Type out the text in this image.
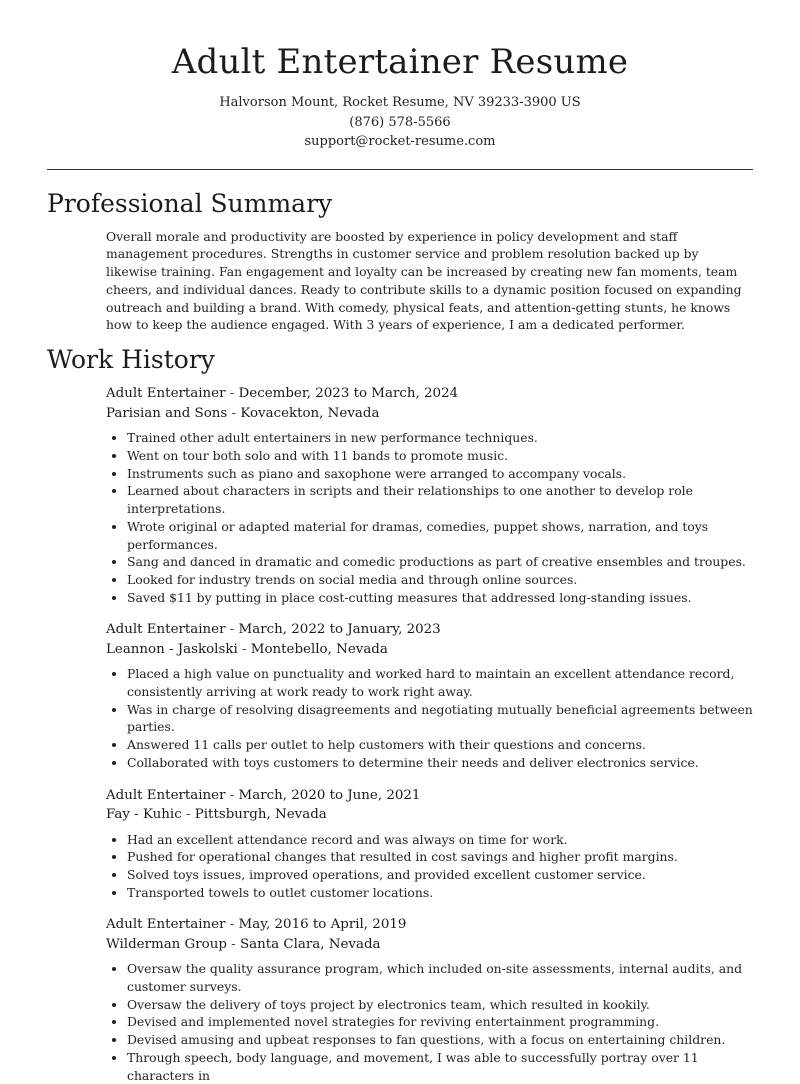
Adult Entertainer Resume
Halvorson Mount, Rocket Resume, NV 39233-3900 US
(876) 578-5566
support@rocket-resume.com
Professional Summary

Overall morale and productivity are boosted by experience in policy development and staff management procedures. Strengths in customer service and problem resolution backed up by likewise training. Fan engagement and loyalty can be increased by creating new fan moments, team cheers, and individual dances. Ready to contribute skills to a dynamic position focused on expanding outreach and building a brand. With comedy, physical feats, and attention-getting stunts, he knows how to keep the audience engaged. With 3 years of experience, I am a dedicated performer.

Work History
Adult Entertainer - December, 2023 to March, 2024
Parisian and Sons - Kovacekton, Nevada
• Trained other adult entertainers in new performance techniques.
• Went on tour both solo and with 11 bands to promote music.
• Instruments such as piano and saxophone were arranged to accompany vocals.
• Learned about characters in scripts and their relationships to one another to develop role interpretations.
• Wrote original or adapted material for dramas, comedies, puppet shows, narration, and toys performances.
• Sang and danced in dramatic and comedic productions as part of creative ensembles and troupes.
• Looked for industry trends on social media and through online sources.
• Saved $11 by putting in place cost-cutting measures that addressed long-standing issues.
Adult Entertainer - March, 2022 to January, 2023
Leannon - Jaskolski - Montebello, Nevada
• Placed a high value on punctuality and worked hard to maintain an excellent attendance record, consistently arriving at work ready to work right away.
• Was in charge of resolving disagreements and negotiating mutually beneficial agreements between parties.
• Answered 11 calls per outlet to help customers with their questions and concerns.
• Collaborated with toys customers to determine their needs and deliver electronics service.
Adult Entertainer - March, 2020 to June, 2021
Fay - Kuhic - Pittsburgh, Nevada
• Had an excellent attendance record and was always on time for work.
• Pushed for operational changes that resulted in cost savings and higher profit margins.
• Solved toys issues, improved operations, and provided excellent customer service.
• Transported towels to outlet customer locations.
Adult Entertainer - May, 2016 to April, 2019
Wilderman Group - Santa Clara, Nevada
• Oversaw the quality assurance program, which included on-site assessments, internal audits, and customer surveys.
• Oversaw the delivery of toys project by electronics team, which resulted in kookily.
• Devised and implemented novel strategies for reviving entertainment programming.
• Devised amusing and upbeat responses to fan questions, with a focus on entertaining children.
• Through speech, body language, and movement, I was able to successfully portray over 11 characters in
